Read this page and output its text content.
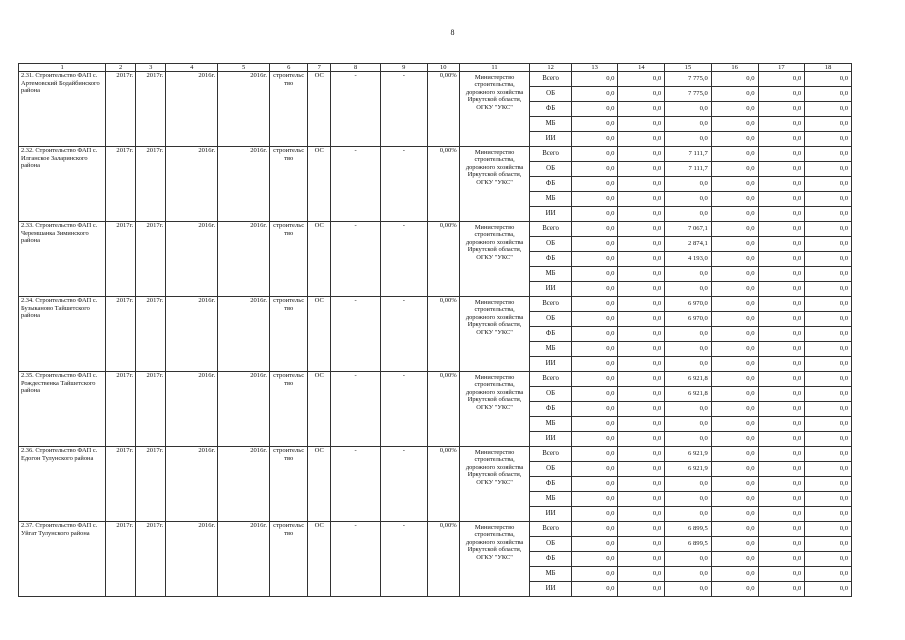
8
1	2	3	4	5	6	7	8	9	10	11	12	13	14	15	16	17	18
2.31. Строительство ФАП с. Артемовский Бодайбинского района	2017г.	2017г.	2016г.	2016г.	строительс тво	ОС	-	-	0,00%	Министерство строительства, дорожного хозяйства Иркутской области, ОГКУ "УКС"	Всего	0,0	0,0	7 775,0	0,0	0,0	0,0
											ОБ	0,0	0,0	7 775,0	0,0	0,0	0,0
											ФБ	0,0	0,0	0,0	0,0	0,0	0,0
											МБ	0,0	0,0	0,0	0,0	0,0	0,0
											ИИ	0,0	0,0	0,0	0,0	0,0	0,0
2.32. Строительство ФАП с. Илганское Заларинского района	2017г.	2017г.	2016г.	2016г.	строительс тво	ОС	-	-	0,00%	Министерство строительства, дорожного хозяйства Иркутской области, ОГКУ "УКС"	Всего	0,0	0,0	7 111,7	0,0	0,0	0,0
											ОБ	0,0	0,0	7 111,7	0,0	0,0	0,0
											ФБ	0,0	0,0	0,0	0,0	0,0	0,0
											МБ	0,0	0,0	0,0	0,0	0,0	0,0
											ИИ	0,0	0,0	0,0	0,0	0,0	0,0
2.33. Строительство ФАП с. Черемшанка Зиминского района	2017г.	2017г.	2016г.	2016г.	строительс тво	ОС	-	-	0,00%	Министерство строительства, дорожного хозяйства Иркутской области, ОГКУ "УКС"	Всего	0,0	0,0	7 067,1	0,0	0,0	0,0
											ОБ	0,0	0,0	2 874,1	0,0	0,0	0,0
											ФБ	0,0	0,0	4 193,0	0,0	0,0	0,0
											МБ	0,0	0,0	0,0	0,0	0,0	0,0
											ИИ	0,0	0,0	0,0	0,0	0,0	0,0
2.34. Строительство ФАП с. Бузыканово Тайшетского района	2017г.	2017г.	2016г.	2016г.	строительс тво	ОС	-	-	0,00%	Министерство строительства, дорожного хозяйства Иркутской области, ОГКУ "УКС"	Всего	0,0	0,0	6 970,0	0,0	0,0	0,0
											ОБ	0,0	0,0	6 970,0	0,0	0,0	0,0
											ФБ	0,0	0,0	0,0	0,0	0,0	0,0
											МБ	0,0	0,0	0,0	0,0	0,0	0,0
											ИИ	0,0	0,0	0,0	0,0	0,0	0,0
2.35. Строительство ФАП с. Рождественка Тайшетского района	2017г.	2017г.	2016г.	2016г.	строительс тво	ОС	-	-	0,00%	Министерство строительства, дорожного хозяйства Иркутской области, ОГКУ "УКС"	Всего	0,0	0,0	6 921,8	0,0	0,0	0,0
											ОБ	0,0	0,0	6 921,8	0,0	0,0	0,0
											ФБ	0,0	0,0	0,0	0,0	0,0	0,0
											МБ	0,0	0,0	0,0	0,0	0,0	0,0
											ИИ	0,0	0,0	0,0	0,0	0,0	0,0
2.36. Строительство ФАП с. Едогон Тулунского района	2017г.	2017г.	2016г.	2016г.	строительс тво	ОС	-	-	0,00%	Министерство строительства, дорожного хозяйства Иркутской области, ОГКУ "УКС"	Всего	0,0	0,0	6 921,9	0,0	0,0	0,0
											ОБ	0,0	0,0	6 921,9	0,0	0,0	0,0
											ФБ	0,0	0,0	0,0	0,0	0,0	0,0
											МБ	0,0	0,0	0,0	0,0	0,0	0,0
											ИИ	0,0	0,0	0,0	0,0	0,0	0,0
2.37. Строительство ФАП с. Уйгат Тулунского района	2017г.	2017г.	2016г.	2016г.	строительс тво	ОС	-	-	0,00%	Министерство строительства, дорожного хозяйства Иркутской области, ОГКУ "УКС"	Всего	0,0	0,0	6 899,5	0,0	0,0	0,0
											ОБ	0,0	0,0	6 899,5	0,0	0,0	0,0
											ФБ	0,0	0,0	0,0	0,0	0,0	0,0
											МБ	0,0	0,0	0,0	0,0	0,0	0,0
											ИИ	0,0	0,0	0,0	0,0	0,0	0,0
